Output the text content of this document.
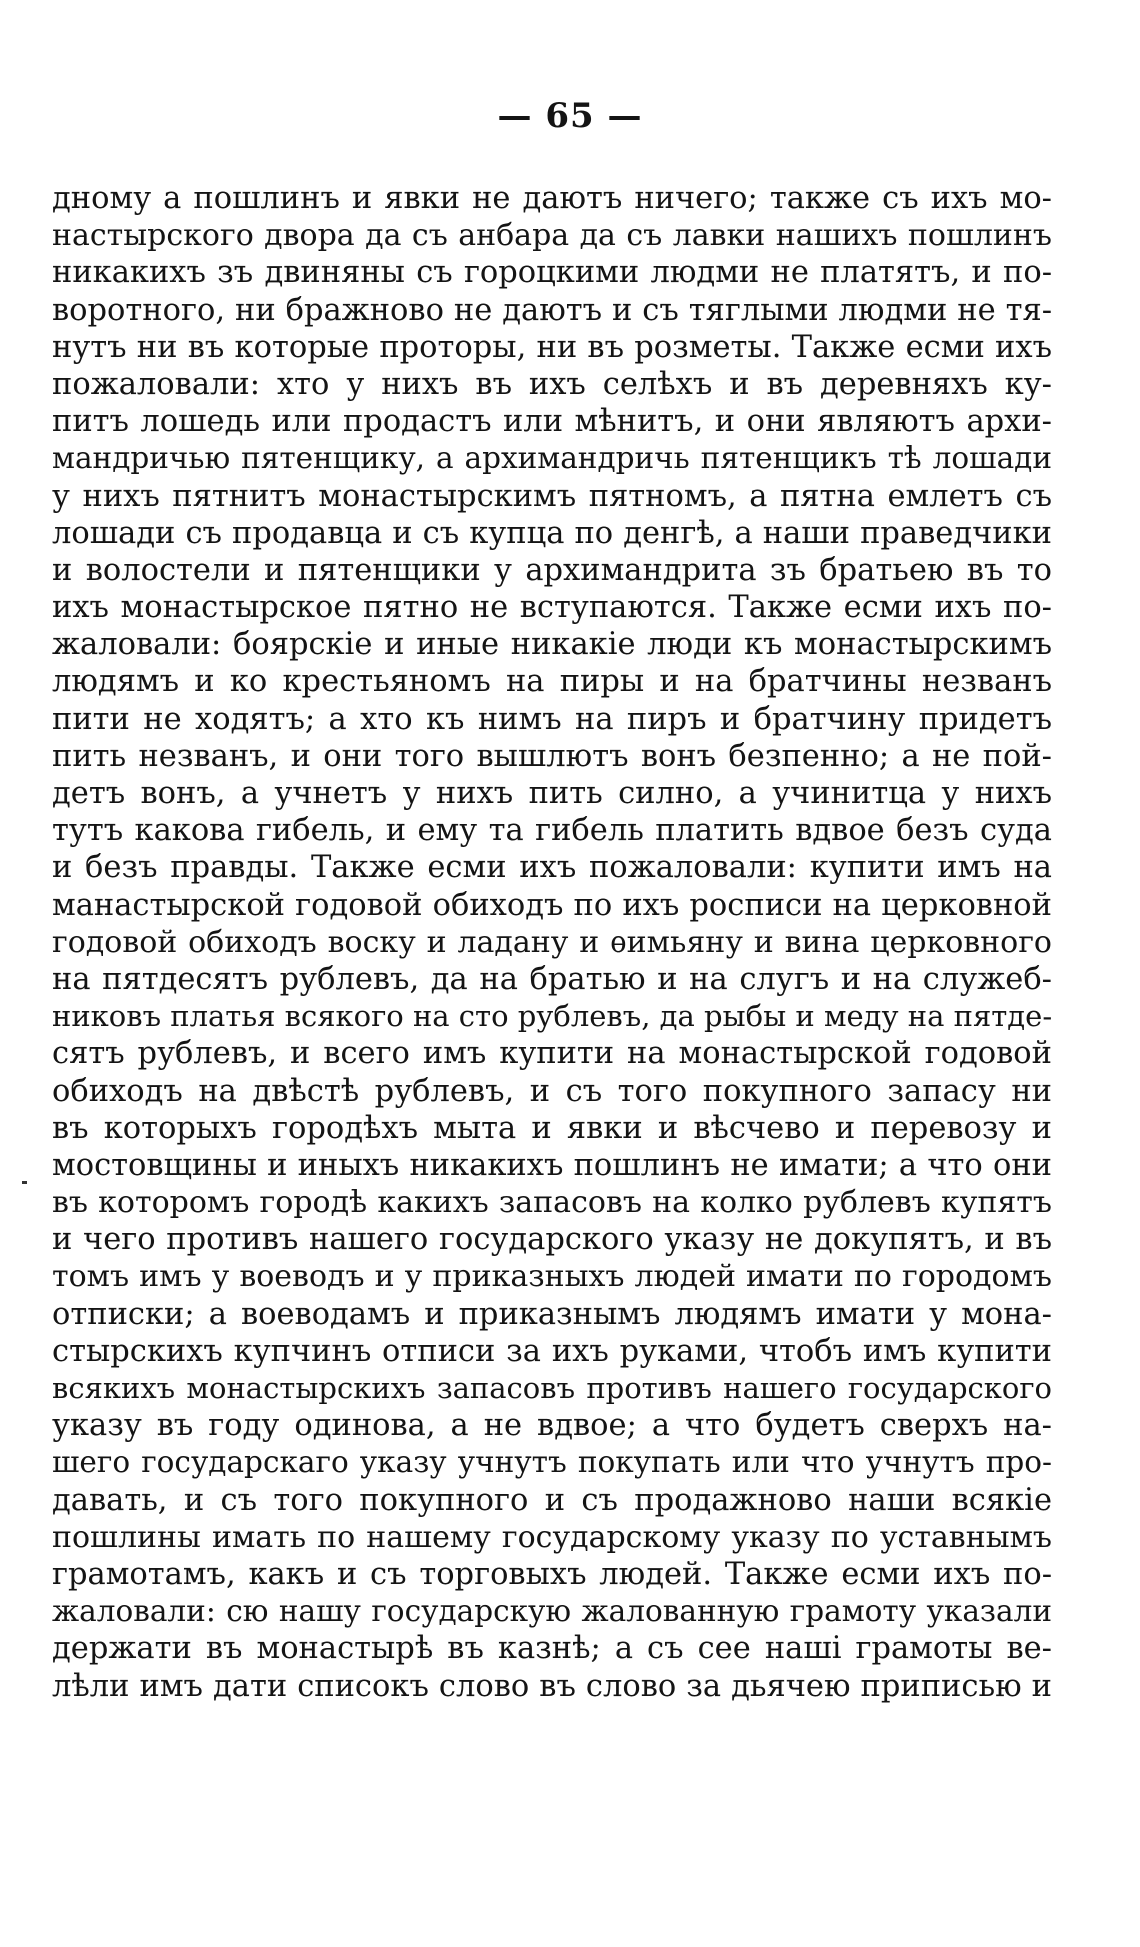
— 65 —
дному а пошлинъ и явки не даютъ ничего; также съ ихъ мо-
настырского двора да съ анбара да съ лавки нашихъ пошлинъ
никакихъ зъ двиняны съ гороцкими людми не платятъ, и по-
воротного, ни бражново не даютъ и съ тяглыми людми не тя-
нутъ ни въ которые проторы, ни въ розметы. Также есми ихъ
пожаловали: хто у нихъ въ ихъ селѣхъ и въ деревняхъ ку-
питъ лошедь или продастъ или мѣнитъ, и они являютъ архи-
мандричью пятенщику, а архимандричь пятенщикъ тѣ лошади
у нихъ пятнитъ монастырскимъ пятномъ, а пятна емлетъ съ
лошади съ продавца и съ купца по денгѣ, а наши праведчики
и волостели и пятенщики у архимандрита зъ братьею въ то
ихъ монастырское пятно не вступаются. Также есми ихъ по-
жаловали: боярскіе и иные никакіе люди къ монастырскимъ
людямъ и ко крестьяномъ на пиры и на братчины незванъ
пити не ходятъ; а хто къ нимъ на пиръ и братчину придетъ
пить незванъ, и они того вышлютъ вонъ безпенно; а не пой-
детъ вонъ, а учнетъ у нихъ пить силно, а учинитца у нихъ
тутъ какова гибель, и ему та гибель платить вдвое безъ суда
и безъ правды. Также есми ихъ пожаловали: купити имъ на
манастырской годовой обиходъ по ихъ росписи на церковной
годовой обиходъ воску и ладану и ѳимьяну и вина церковного
на пятдесятъ рублевъ, да на братью и на слугъ и на служеб-
никовъ платья всякого на сто рублевъ, да рыбы и меду на пятде-
сятъ рублевъ, и всего имъ купити на монастырской годовой
обиходъ на двѣстѣ рублевъ, и съ того покупного запасу ни
въ которыхъ городѣхъ мыта и явки и вѣсчево и перевозу и
мостовщины и иныхъ никакихъ пошлинъ не имати; а что они
въ которомъ городѣ какихъ запасовъ на колко рублевъ купятъ
и чего противъ нашего государского указу не докупятъ, и въ
томъ имъ у воеводъ и у приказныхъ людей имати по городомъ
отписки; а воеводамъ и приказнымъ людямъ имати у мона-
стырскихъ купчинъ отписи за ихъ руками, чтобъ имъ купити
всякихъ монастырскихъ запасовъ противъ нашего государского
указу въ году одинова, а не вдвое; а что будетъ сверхъ на-
шего государскаго указу учнутъ покупать или что учнутъ про-
давать, и съ того покупного и съ продажново наши всякіе
пошлины имать по нашему государскому указу по уставнымъ
грамотамъ, какъ и съ торговыхъ людей. Также есми ихъ по-
жаловали: сю нашу государскую жалованную грамоту указали
держати въ монастырѣ въ казнѣ; а съ сее наші грамоты ве-
лѣли имъ дати списокъ слово въ слово за дьячею приписью и
